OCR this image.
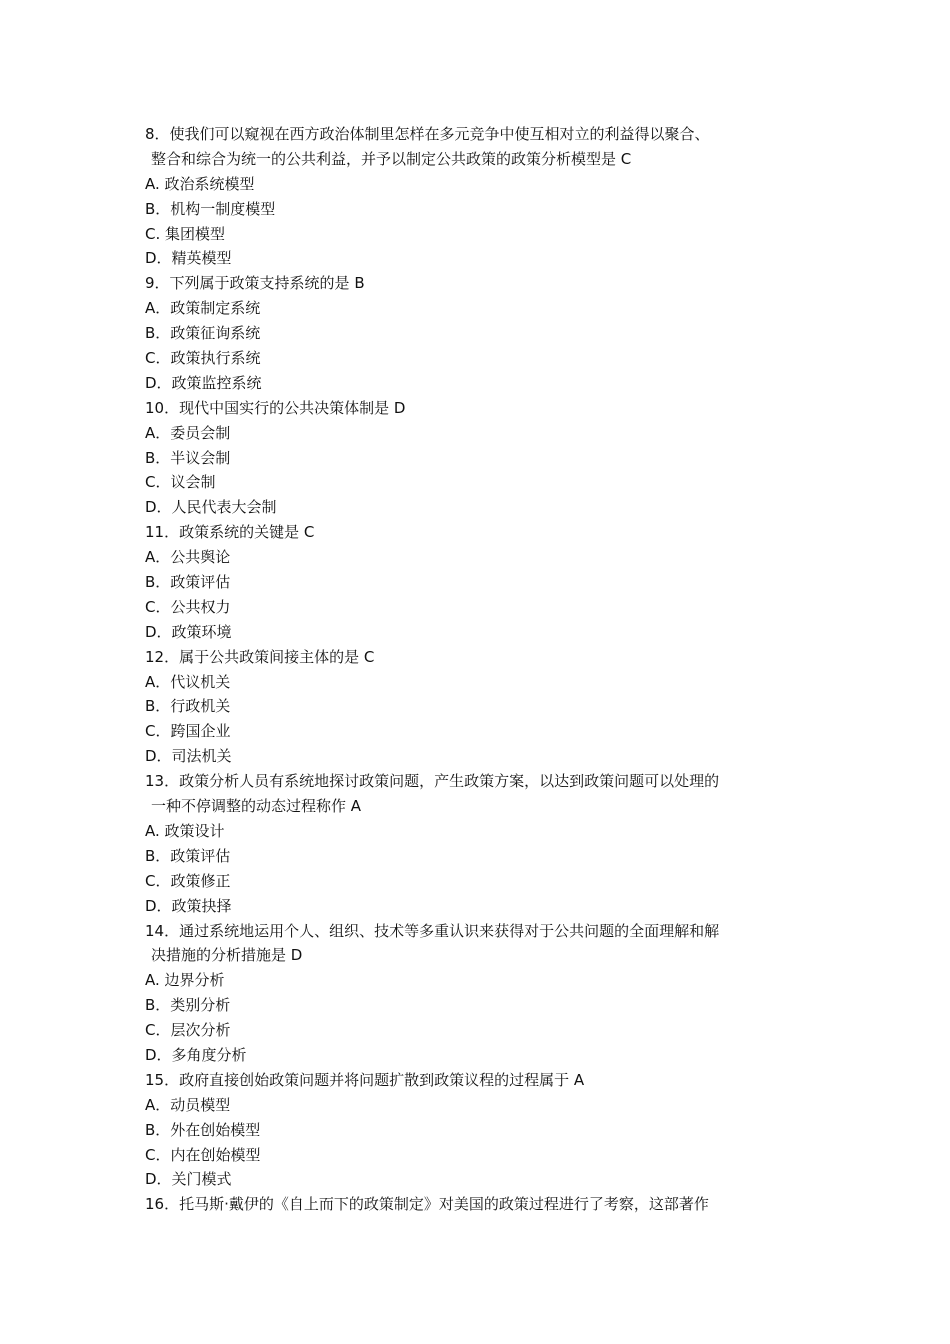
8．使我们可以窥视在西方政治体制里怎样在多元竞争中使互相对立的利益得以聚合、
整合和综合为统一的公共利益，并予以制定公共政策的政策分析模型是 C
A. 政治系统模型
B．机构一制度模型
C. 集团模型
D．精英模型
9．下列属于政策支持系统的是 B
A．政策制定系统
B．政策征询系统
C．政策执行系统
D．政策监控系统
10．现代中国实行的公共决策体制是 D
A．委员会制
B．半议会制
C．议会制
D．人民代表大会制
11．政策系统的关键是 C
A．公共舆论
B．政策评估
C．公共权力
D．政策环境
12．属于公共政策间接主体的是 C
A．代议机关
B．行政机关
C．跨国企业
D．司法机关
13．政策分析人员有系统地探讨政策问题，产生政策方案，以达到政策问题可以处理的
一种不停调整的动态过程称作 A
A. 政策设计
B．政策评估
C．政策修正
D．政策抉择
14．通过系统地运用个人、组织、技术等多重认识来获得对于公共问题的全面理解和解
决措施的分析措施是 D
A. 边界分析
B．类别分析
C．层次分析
D．多角度分析
15．政府直接创始政策问题并将问题扩散到政策议程的过程属于 A
A．动员模型
B．外在创始模型
C．内在创始模型
D．关门模式
16．托马斯·戴伊的《自上而下的政策制定》对美国的政策过程进行了考察，这部著作
